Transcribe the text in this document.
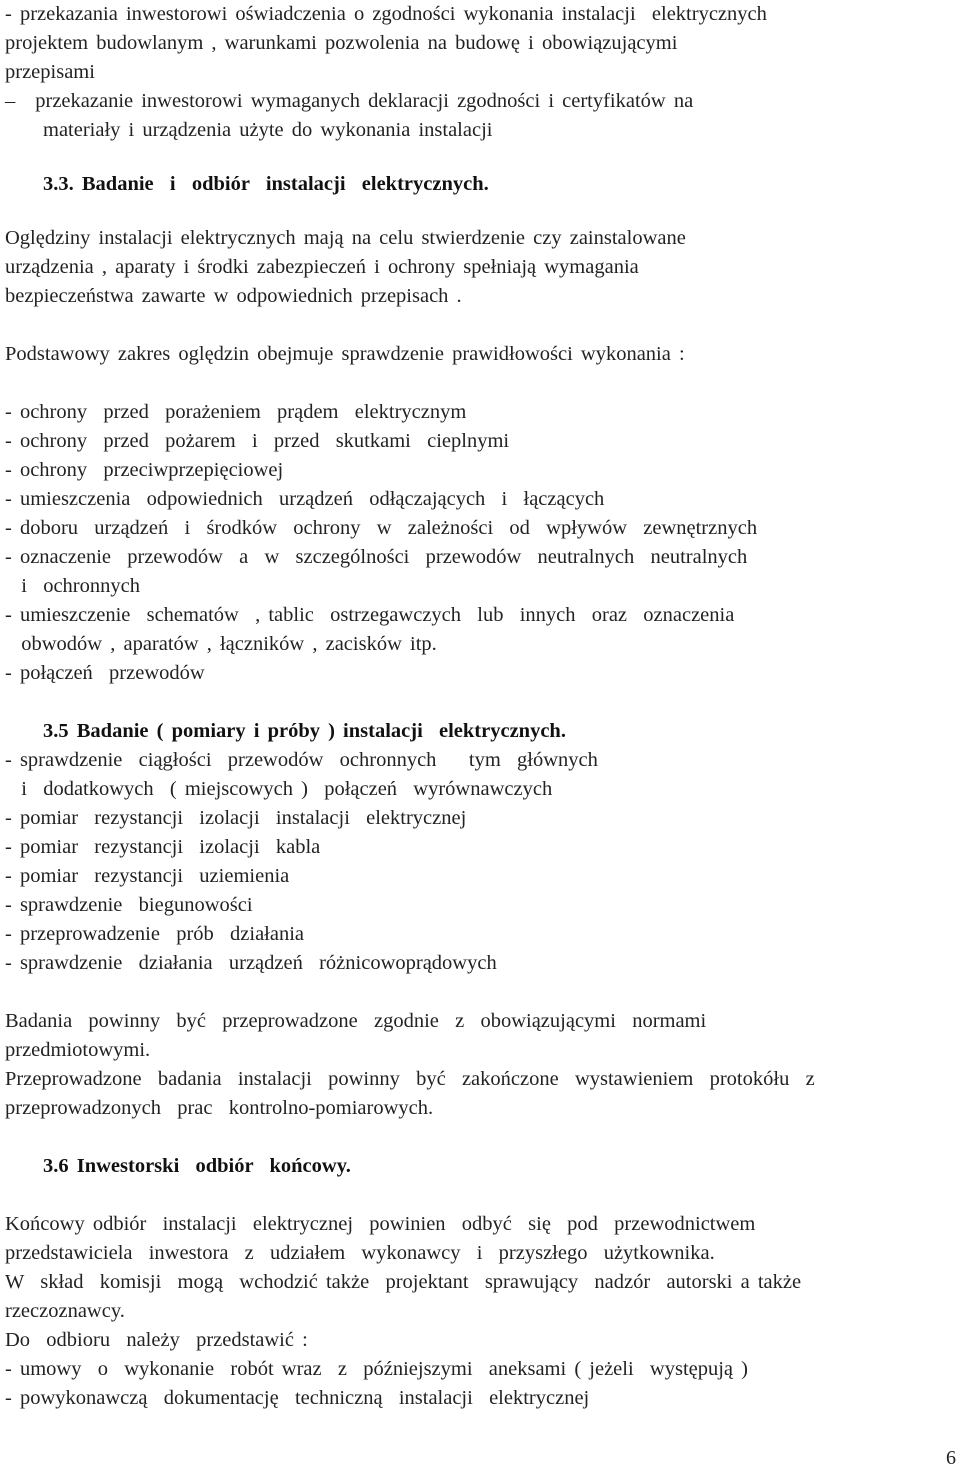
- przekazania inwestorowi oświadczenia o zgodności wykonania instalacji  elektrycznych
projektem budowlanym , warunkami pozwolenia na budowę i obowiązującymi
przepisami
– przekazanie inwestorowi wymaganych deklaracji zgodności i certyfikatów na
materiały i urządzenia użyte do wykonania instalacji
3.3. Badanie  i  odbiór  instalacji  elektrycznych.
Oględziny instalacji elektrycznych mają na celu stwierdzenie czy zainstalowane
urządzenia , aparaty i środki zabezpieczeń i ochrony spełniają wymagania
bezpieczeństwa zawarte w odpowiednich przepisach .
Podstawowy zakres oględzin obejmuje sprawdzenie prawidłowości wykonania :
- ochrony  przed  porażeniem  prądem  elektrycznym
- ochrony  przed  pożarem  i  przed  skutkami  cieplnymi
- ochrony  przeciwprzepięciowej
- umieszczenia  odpowiednich  urządzeń  odłączających  i  łączących
- doboru  urządzeń  i  środków  ochrony  w  zależności  od  wpływów  zewnętrznych
- oznaczenie  przewodów  a  w  szczególności  przewodów  neutralnych  neutralnych
i  ochronnych
- umieszczenie  schematów  , tablic  ostrzegawczych  lub  innych  oraz  oznaczenia
obwodów , aparatów , łączników , zacisków itp.
- połączeń  przewodów
3.5 Badanie ( pomiary i próby ) instalacji  elektrycznych.
- sprawdzenie  ciągłości  przewodów  ochronnych    tym  głównych
i  dodatkowych  ( miejscowych )  połączeń  wyrównawczych
- pomiar  rezystancji  izolacji  instalacji  elektrycznej
- pomiar  rezystancji  izolacji  kabla
- pomiar  rezystancji  uziemienia
- sprawdzenie  biegunowości
- przeprowadzenie  prób  działania
- sprawdzenie  działania  urządzeń  różnicowoprądowych
Badania  powinny  być  przeprowadzone  zgodnie  z  obowiązującymi  normami
przedmiotowymi.
Przeprowadzone  badania  instalacji  powinny  być  zakończone  wystawieniem  protokółu  z
przeprowadzonych  prac  kontrolno-pomiarowych.
3.6 Inwestorski  odbiór  końcowy.
Końcowy odbiór  instalacji  elektrycznej  powinien  odbyć  się  pod  przewodnictwem
przedstawiciela  inwestora  z  udziałem  wykonawcy  i  przyszłego  użytkownika.
W  skład  komisji  mogą  wchodzić także  projektant  sprawujący  nadzór  autorski a także
rzeczoznawcy.
Do  odbioru  należy  przedstawić :
- umowy  o  wykonanie  robót wraz  z  późniejszymi  aneksami ( jeżeli  występują )
- powykonawczą  dokumentację  techniczną  instalacji  elektrycznej
6
